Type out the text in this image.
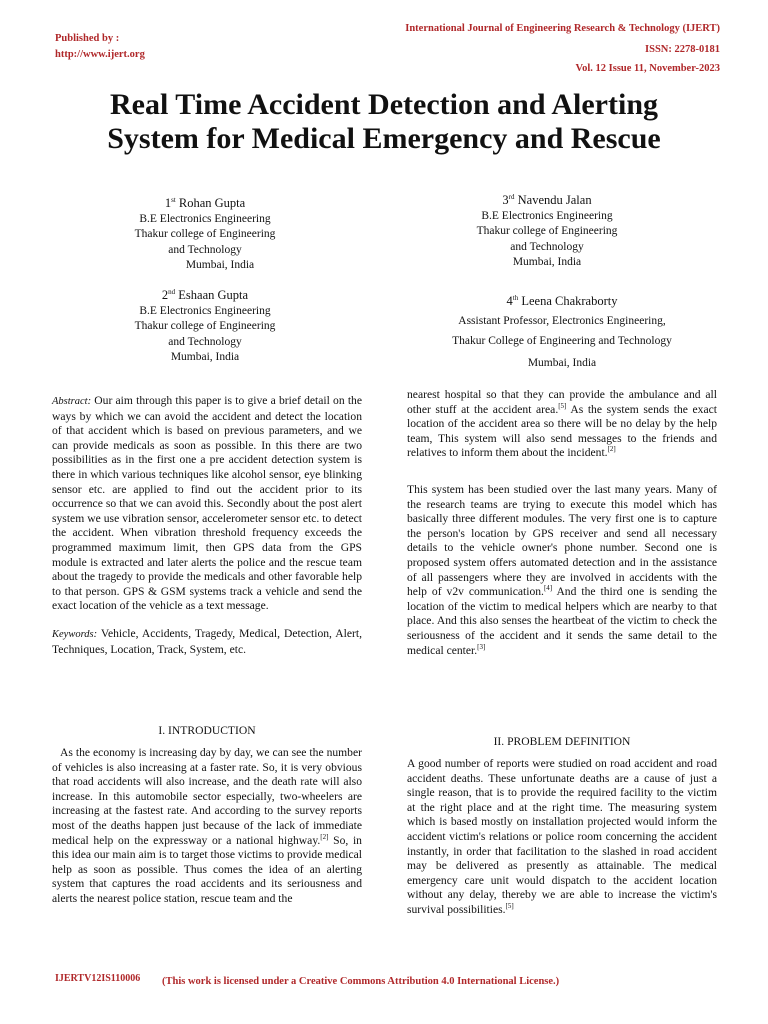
Published by :
http://www.ijert.org
International Journal of Engineering Research & Technology (IJERT)
ISSN: 2278-0181
Vol. 12 Issue 11, November-2023
Real Time Accident Detection and Alerting
System for Medical Emergency and Rescue
1st Rohan Gupta
B.E Electronics Engineering
Thakur college of Engineering
and Technology
Mumbai, India
2nd Eshaan Gupta
B.E Electronics Engineering
Thakur college of Engineering
and Technology
Mumbai, India
3rd Navendu Jalan
B.E Electronics Engineering
Thakur college of Engineering
and Technology
Mumbai, India
4th Leena Chakraborty
Assistant Professor, Electronics Engineering,
Thakur College of Engineering and Technology
Mumbai, India

Abstract: Our aim through this paper is to give a brief detail on the ways by which we can avoid the accident and detect the location of that accident which is based on previous parameters, and we can provide medicals as soon as possible. In this there are two possibilities as in the first one a pre accident detection system is there in which various techniques like alcohol sensor, eye blinking sensor etc. are applied to find out the accident prior to its occurrence so that we can avoid this. Secondly about the post alert system we use vibration sensor, accelerometer sensor etc. to detect the accident. When vibration threshold frequency exceeds the programmed maximum limit, then GPS data from the GPS module is extracted and later alerts the police and the rescue team about the tragedy to provide the medicals and other favorable help to that person. GPS & GSM systems track a vehicle and send the exact location of the vehicle as a text message.

Keywords: Vehicle, Accidents, Tragedy, Medical, Detection, Alert, Techniques, Location, Track, System, etc.

I. INTRODUCTION

As the economy is increasing day by day, we can see the number of vehicles is also increasing at a faster rate. So, it is very obvious that road accidents will also increase, and the death rate will also increase. In this automobile sector especially, two-wheelers are increasing at the fastest rate. And according to the survey reports most of the deaths happen just because of the lack of immediate medical help on the expressway or a national highway.[2] So, in this idea our main aim is to target those victims to provide medical help as soon as possible. Thus comes the idea of an alerting system that captures the road accidents and its seriousness and alerts the nearest police station, rescue team and the

nearest hospital so that they can provide the ambulance and all other stuff at the accident area.[5] As the system sends the exact location of the accident area so there will be no delay by the help team, This system will also send messages to the friends and relatives to inform them about the incident.[2]

This system has been studied over the last many years. Many of the research teams are trying to execute this model which has basically three different modules. The very first one is to capture the person's location by GPS receiver and send all necessary details to the vehicle owner's phone number. Second one is proposed system offers automated detection and in the assistance of all passengers where they are involved in accidents with the help of v2v communication.[4] And the third one is sending the location of the victim to medical helpers which are nearby to that place. And this also senses the heartbeat of the victim to check the seriousness of the accident and it sends the same detail to the medical center.[3]

II. PROBLEM DEFINITION

A good number of reports were studied on road accident and road accident deaths. These unfortunate deaths are a cause of just a single reason, that is to provide the required facility to the victim at the right place and at the right time. The measuring system which is based mostly on installation projected would inform the accident victim's relations or police room concerning the accident instantly, in order that facilitation to the slashed in road accident may be delivered as presently as attainable. The medical emergency care unit would dispatch to the accident location without any delay, thereby we are able to increase the victim's survival possibilities.[5]

IJERTV12IS110006 (This work is licensed under a Creative Commons Attribution 4.0 International License.)
